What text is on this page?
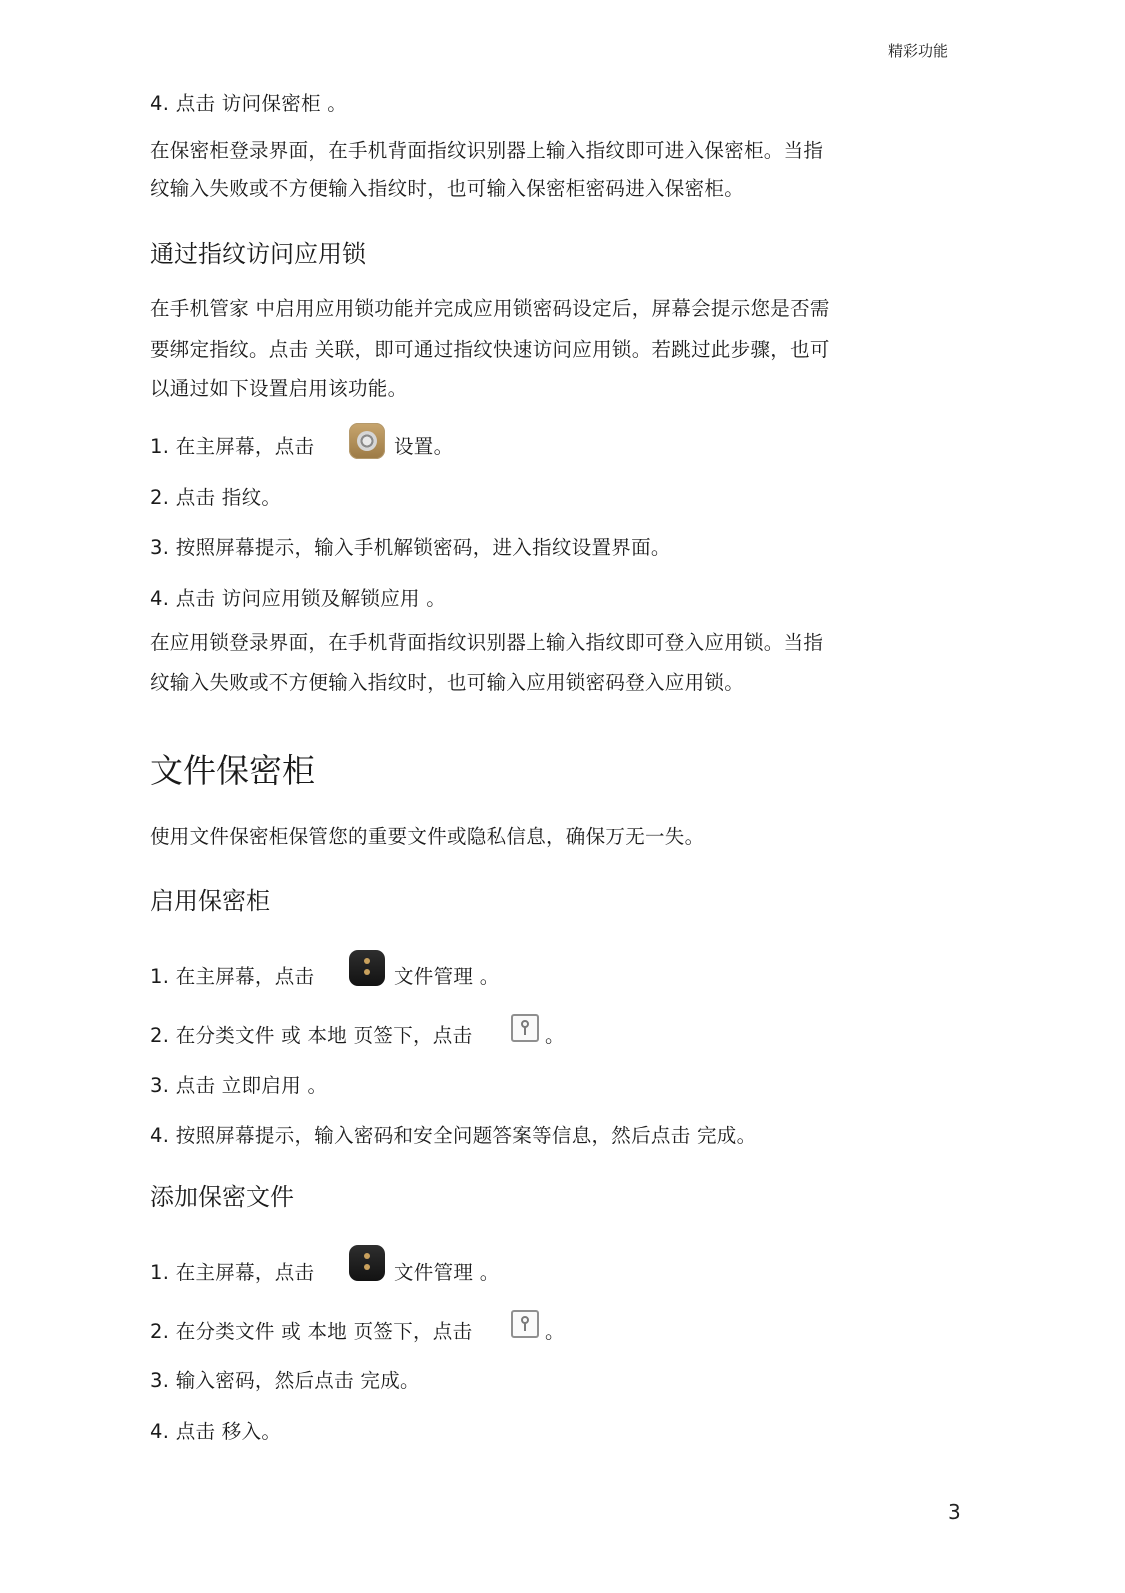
精彩功能
4. 点击 访问保密柜 。
在保密柜登录界面，在手机背面指纹识别器上输入指纹即可进入保密柜。当指
纹输入失败或不方便输入指纹时，也可输入保密柜密码进入保密柜。
通过指纹访问应用锁
在手机管家 中启用应用锁功能并完成应用锁密码设定后，屏幕会提示您是否需
要绑定指纹。点击 关联，即可通过指纹快速访问应用锁。若跳过此步骤，也可
以通过如下设置启用该功能。
1. 在主屏幕，点击	设置。
2. 点击 指纹。
3. 按照屏幕提示，输入手机解锁密码，进入指纹设置界面。
4. 点击 访问应用锁及解锁应用 。
在应用锁登录界面，在手机背面指纹识别器上输入指纹即可登入应用锁。当指
纹输入失败或不方便输入指纹时，也可输入应用锁密码登入应用锁。
文件保密柜
使用文件保密柜保管您的重要文件或隐私信息，确保万无一失。
启用保密柜
1. 在主屏幕，点击	文件管理 。
2. 在分类文件 或 本地 页签下，点击	。
3. 点击 立即启用 。
4. 按照屏幕提示，输入密码和安全问题答案等信息，然后点击 完成。
添加保密文件
1. 在主屏幕，点击	文件管理 。
2. 在分类文件 或 本地 页签下，点击	。
3. 输入密码，然后点击 完成。
4. 点击 移入。
3
